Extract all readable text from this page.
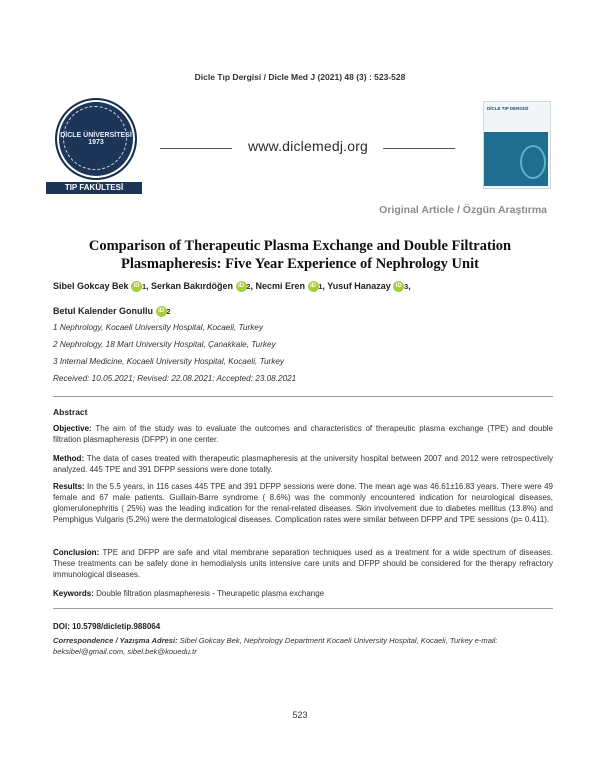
Dicle Tıp Dergisi / Dicle Med J (2021) 48 (3) : 523-528
DİCLE ÜNİVERSİTESİ 1973
TIP FAKÜLTESİ
www.diclemedj.org
DİCLE TIP DERGİSİ
Original Article / Özgün Araştırma
Comparison of Therapeutic Plasma Exchange and Double Filtration Plasmapheresis: Five Year Experience of Nephrology Unit
Sibel Gokcay Bek iD 1, Serkan Bakırdöğen iD 2, Necmi Eren iD 1, Yusuf Hanazay iD 3,
Betul Kalender Gonullu iD 2
1 Nephrology, Kocaeli University Hospital, Kocaeli, Turkey
2 Nephrology, 18 Mart University Hospital, Çanakkale, Turkey
3 Internal Medicine, Kocaeli University Hospital, Kocaeli, Turkey
Received: 10.05.2021; Revised: 22.08.2021; Accepted: 23.08.2021
Abstract
Objective: The aim of the study was to evaluate the outcomes and characteristics of therapeutic plasma exchange (TPE) and double filtration plasmapheresis (DFPP) in one center.
Method: The data of cases treated with therapeutic plasmapheresis at the university hospital between 2007 and 2012 were retrospectively analyzed. 445 TPE and 391 DFPP sessions were done totally.
Results: In the 5.5 years, in 116 cases 445 TPE and 391 DFPP sessions were done. The mean age was 46.61±16.83 years. There were 49 female and 67 male patients. Guillain-Barre syndrome ( 8.6%) was the commonly encountered indication for neurological diseases, glomerulonephritis ( 25%) was the leading indication for the renal-related diseases. Skin involvement due to diabetes mellitus (13.8%) and Pemphigus Vulgaris (5.2%) were the dermatological diseases. Complication rates were similar between DFPP and TPE sessions (p= 0.411).
Conclusion: TPE and DFPP are safe and vital membrane separation techniques used as a treatment for a wide spectrum of diseases. These treatments can be safely done in hemodialysis units intensive care units and DFPP should be considered for the therapy refractory immunological diseases.
Keywords: Double filtration plasmapheresis - Theurapetic plasma exchange
DOI: 10.5798/dicletip.988064
Correspondence / Yazışma Adresi: Sibel Gokcay Bek, Nephrology Department Kocaeli University Hospital, Kocaeli, Turkey e-mail: beksibel@gmail.com, sibel.bek@kouedu.tr
523
